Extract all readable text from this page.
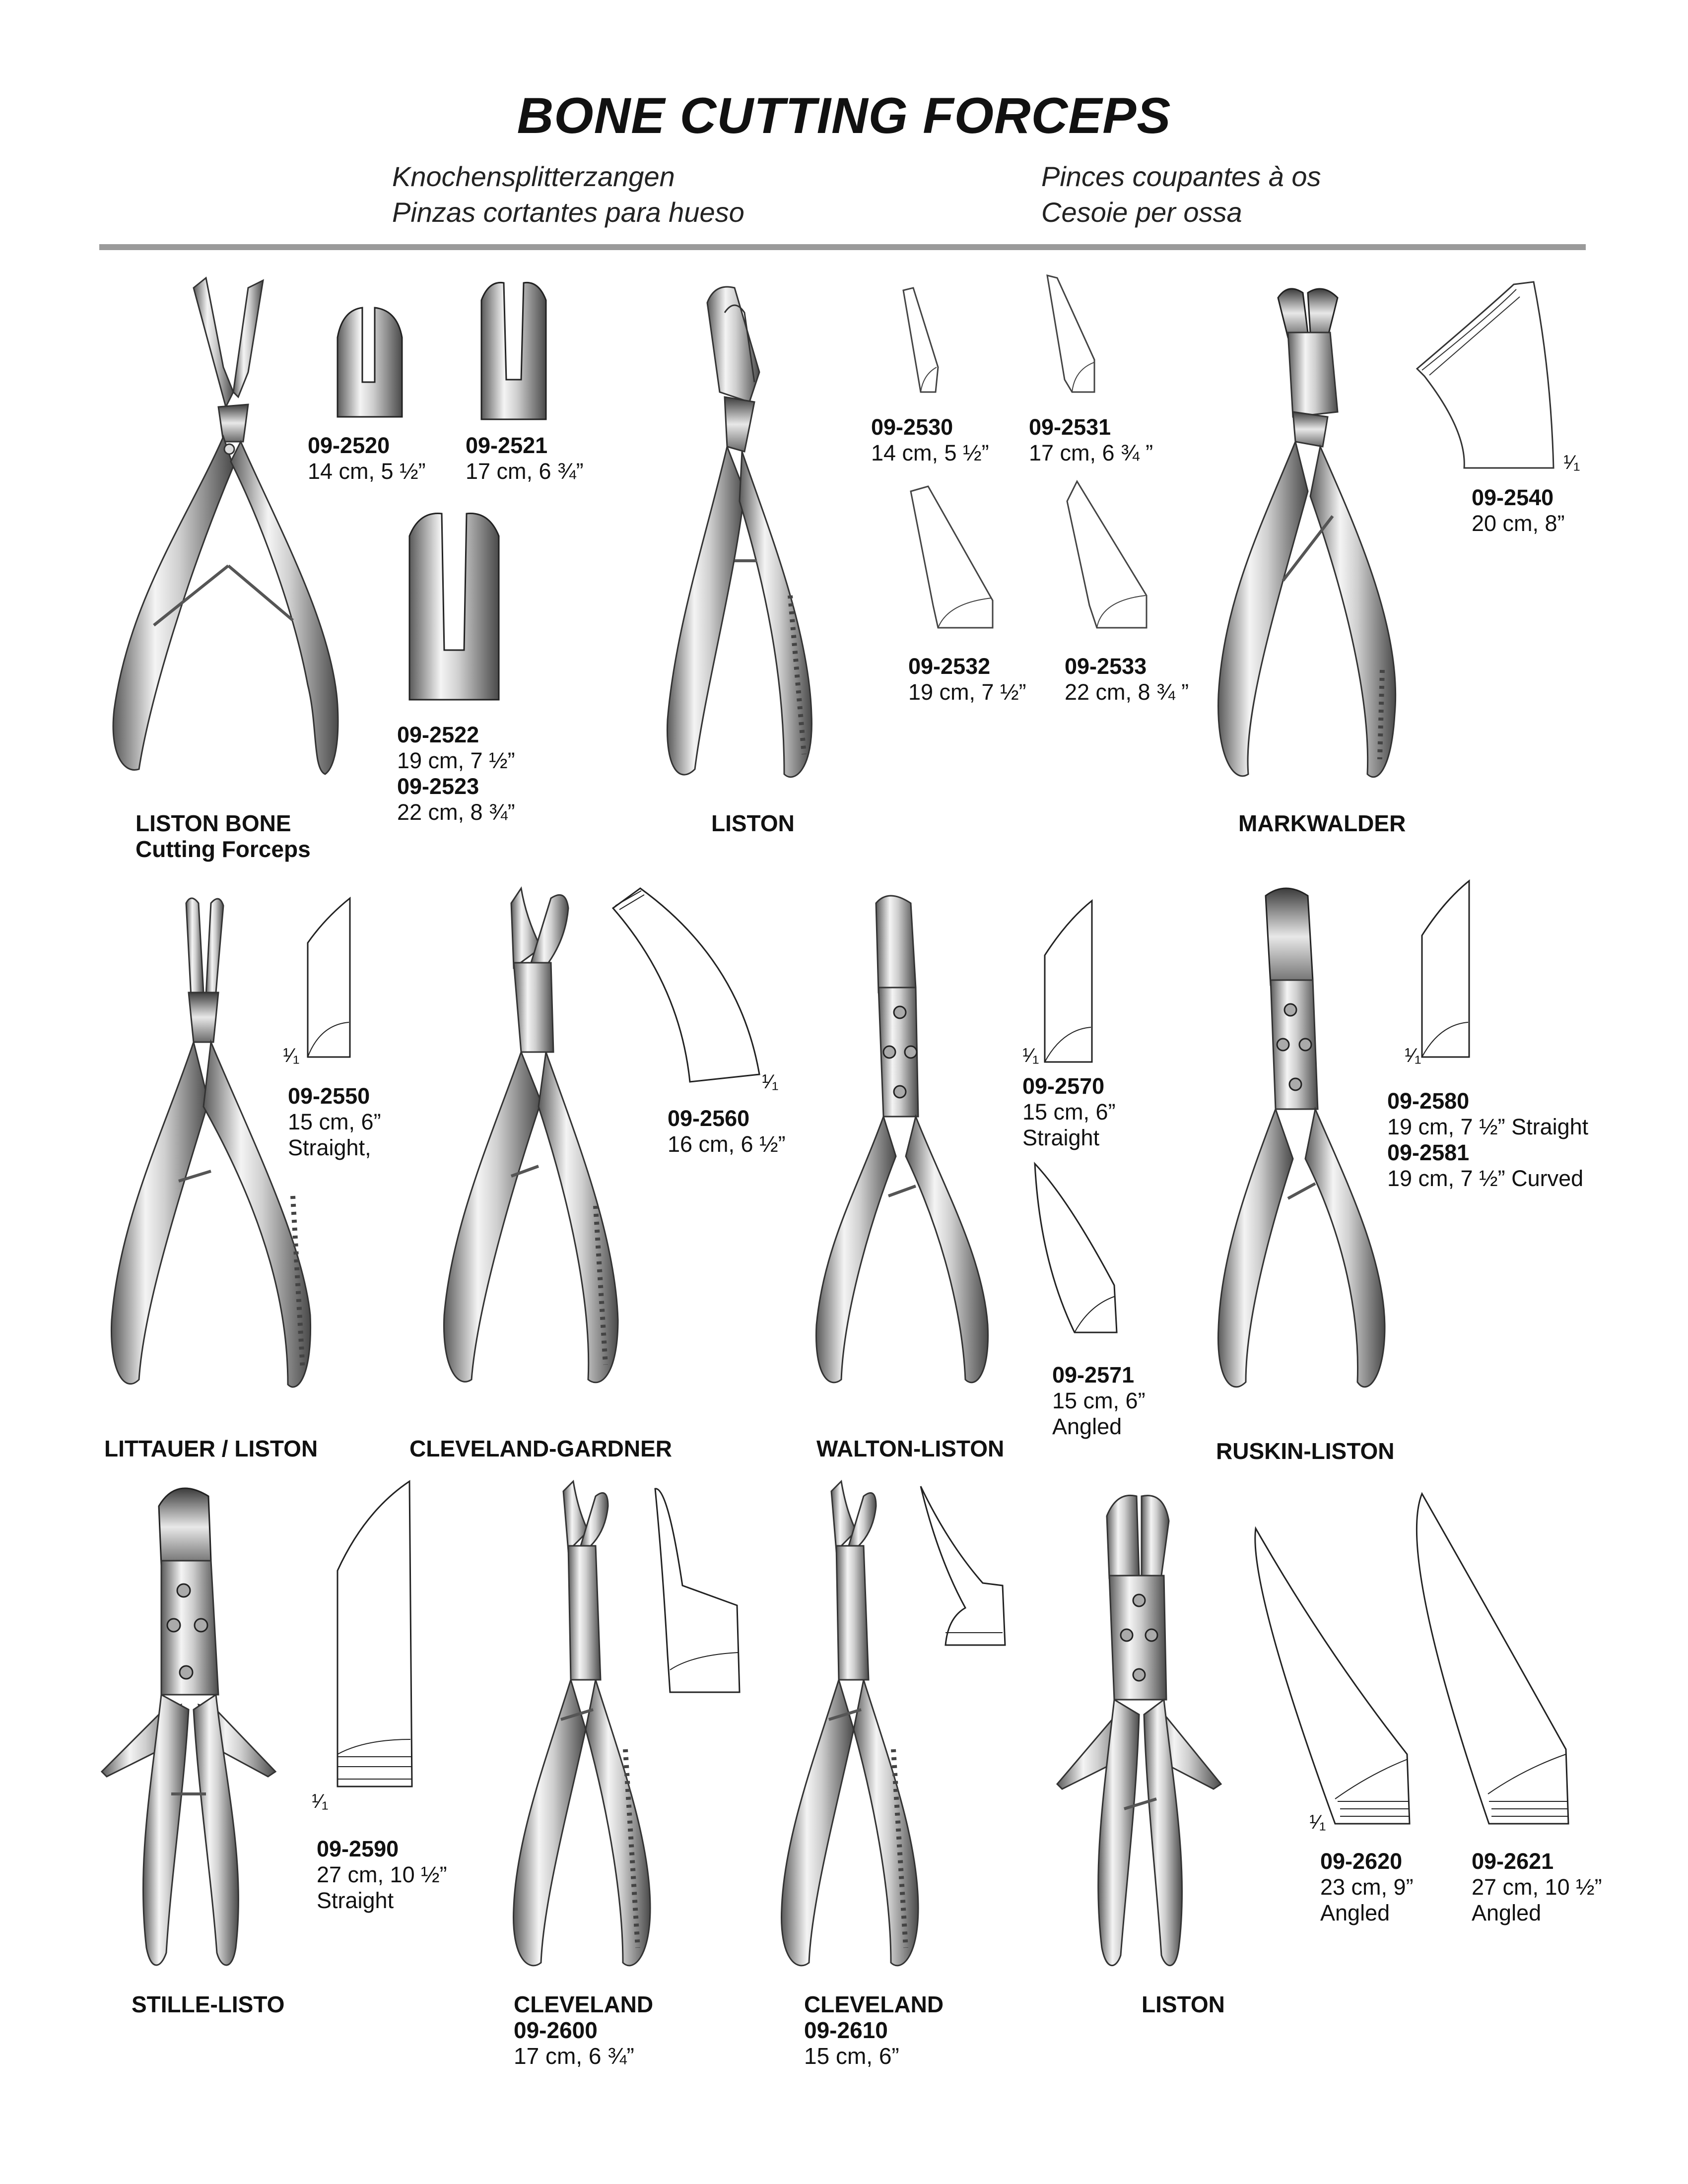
BONE CUTTING FORCEPS
Knochensplitterzangen
Pinzas cortantes para hueso
Pinces coupantes à os
Cesoie per ossa
09-2520
14 cm, 5 ½”
09-2521
17 cm, 6 ¾”
09-2522
19 cm, 7 ½”
09-2523
22 cm, 8 ¾”
LISTON BONE
Cutting Forceps
09-2530
14 cm, 5 ½”
09-2531
17 cm, 6 ¾ ”
09-2532
19 cm, 7 ½”
09-2533
22 cm, 8 ¾ ”
LISTON
¹⁄₁
09-2540
20 cm, 8”
MARKWALDER
¹⁄₁
09-2550
15 cm, 6”
Straight,
LITTAUER / LISTON
¹⁄₁
09-2560
16 cm, 6 ½”
CLEVELAND-GARDNER
¹⁄₁
09-2570
15 cm, 6”
Straight
09-2571
15 cm, 6”
Angled
WALTON-LISTON
¹⁄₁
09-2580
19 cm, 7 ½” Straight
09-2581
19 cm, 7 ½” Curved
RUSKIN-LISTON
¹⁄₁
09-2590
27 cm, 10 ½”
Straight
STILLE-LISTO	CLEVELAND
09-2600
17 cm, 6 ¾”
CLEVELAND
09-2610
15 cm, 6”
LISTON
¹⁄₁
09-2620
23 cm, 9”
Angled
09-2621
27 cm, 10 ½”
Angled
